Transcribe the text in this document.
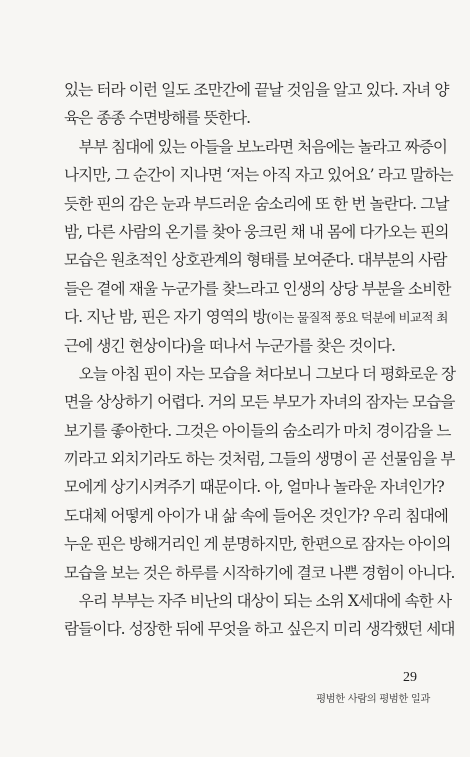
있는 터라 이런 일도 조만간에 끝날 것임을 알고 있다. 자녀 양
육은 종종 수면방해를 뜻한다.
　부부 침대에 있는 아들을 보노라면 처음에는 놀라고 짜증이
나지만, 그 순간이 지나면 ‘저는 아직 자고 있어요’ 라고 말하는
듯한 핀의 감은 눈과 부드러운 숨소리에 또 한 번 놀란다. 그날
밤, 다른 사람의 온기를 찾아 웅크린 채 내 몸에 다가오는 핀의
모습은 원초적인 상호관계의 형태를 보여준다. 대부분의 사람
들은 곁에 재울 누군가를 찾느라고 인생의 상당 부분을 소비한
다. 지난 밤, 핀은 자기 영역의 방(이는 물질적 풍요 덕분에 비교적 최
근에 생긴 현상이다)을 떠나서 누군가를 찾은 것이다.
　오늘 아침 핀이 자는 모습을 쳐다보니 그보다 더 평화로운 장
면을 상상하기 어렵다. 거의 모든 부모가 자녀의 잠자는 모습을
보기를 좋아한다. 그것은 아이들의 숨소리가 마치 경이감을 느
끼라고 외치기라도 하는 것처럼, 그들의 생명이 곧 선물임을 부
모에게 상기시켜주기 때문이다. 아, 얼마나 놀라운 자녀인가?
도대체 어떻게 아이가 내 삶 속에 들어온 것인가? 우리 침대에
누운 핀은 방해거리인 게 분명하지만, 한편으로 잠자는 아이의
모습을 보는 것은 하루를 시작하기에 결코 나쁜 경험이 아니다.
　우리 부부는 자주 비난의 대상이 되는 소위 X세대에 속한 사
람들이다. 성장한 뒤에 무엇을 하고 싶은지 미리 생각했던 세대
29
평범한 사람의 평범한 일과
